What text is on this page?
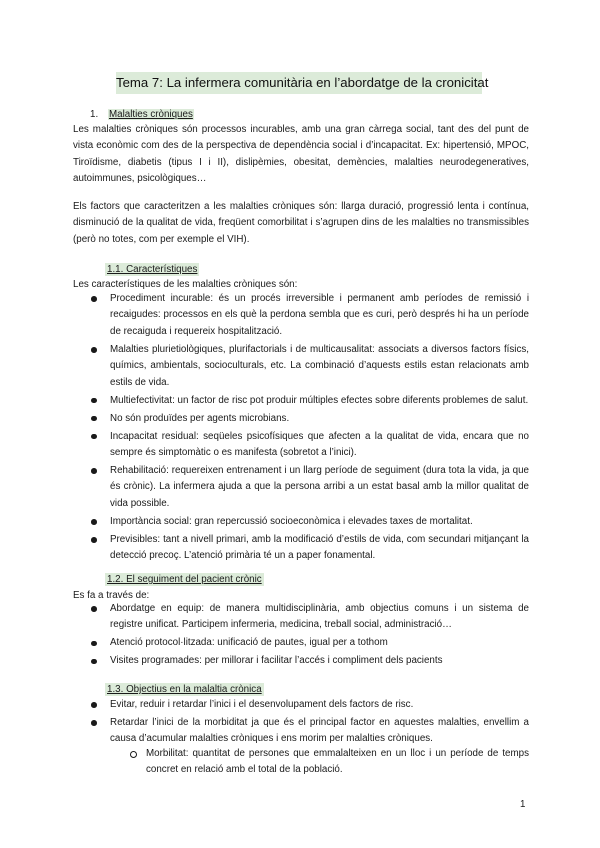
Tema 7: La infermera comunitària en l’abordatge de la cronicitat
1. Malalties cròniques

Les malalties cròniques són processos incurables, amb una gran càrrega social, tant des del punt de vista econòmic com des de la perspectiva de dependència social i d’incapacitat. Ex: hipertensió, MPOC, Tiroïdisme, diabetis (tipus I i II), dislipèmies, obesitat, demències, malalties neurodegeneratives, autoimmunes, psicològiques…

Els factors que caracteritzen a les malalties cròniques són: llarga duració, progressió lenta i contínua, disminució de la qualitat de vida, freqüent comorbilitat i s’agrupen dins de les malalties no transmissibles (però no totes, com per exemple el VIH).

1.1. Característiques
Les característiques de les malalties cròniques són:
Procediment incurable: és un procés irreversible i permanent amb períodes de remissió i recaigudes: processos en els què la perdona sembla que es curi, però després hi ha un període de recaiguda i requereix hospitalització.
Malalties plurietiològiques, plurifactorials i de multicausalitat: associats a diversos factors físics, químics, ambientals, socioculturals, etc. La combinació d’aquests estils estan relacionats amb estils de vida.
Multiefectivitat: un factor de risc pot produir múltiples efectes sobre diferents problemes de salut.
No són produïdes per agents microbians.
Incapacitat residual: seqüeles psicofísiques que afecten a la qualitat de vida, encara que no sempre és simptomàtic o es manifesta (sobretot a l’inici).
Rehabilitació: requereixen entrenament i un llarg període de seguiment (dura tota la vida, ja que és crònic). La infermera ajuda a que la persona arribi a un estat basal amb la millor qualitat de vida possible.
Importància social: gran repercussió socioeconòmica i elevades taxes de mortalitat.
Previsibles: tant a nivell primari, amb la modificació d’estils de vida, com secundari mitjançant la detecció precoç. L’atenció primària té un a paper fonamental.
1.2. El seguiment del pacient crònic
Es fa a través de:
Abordatge en equip: de manera multidisciplinària, amb objectius comuns i un sistema de registre unificat. Participem infermeria, medicina, treball social, administració…
Atenció protocol·litzada: unificació de pautes, igual per a tothom
Visites programades: per millorar i facilitar l’accés i compliment dels pacients
1.3. Objectius en la malaltia crònica
Evitar, reduir i retardar l’inici i el desenvolupament dels factors de risc.
Retardar l’inici de la morbiditat ja que és el principal factor en aquestes malalties, envellim a causa d’acumular malalties cròniques i ens morim per malalties cròniques.
Morbilitat: quantitat de persones que emmalalteixen en un lloc i un període de temps concret en relació amb el total de la població.
1
